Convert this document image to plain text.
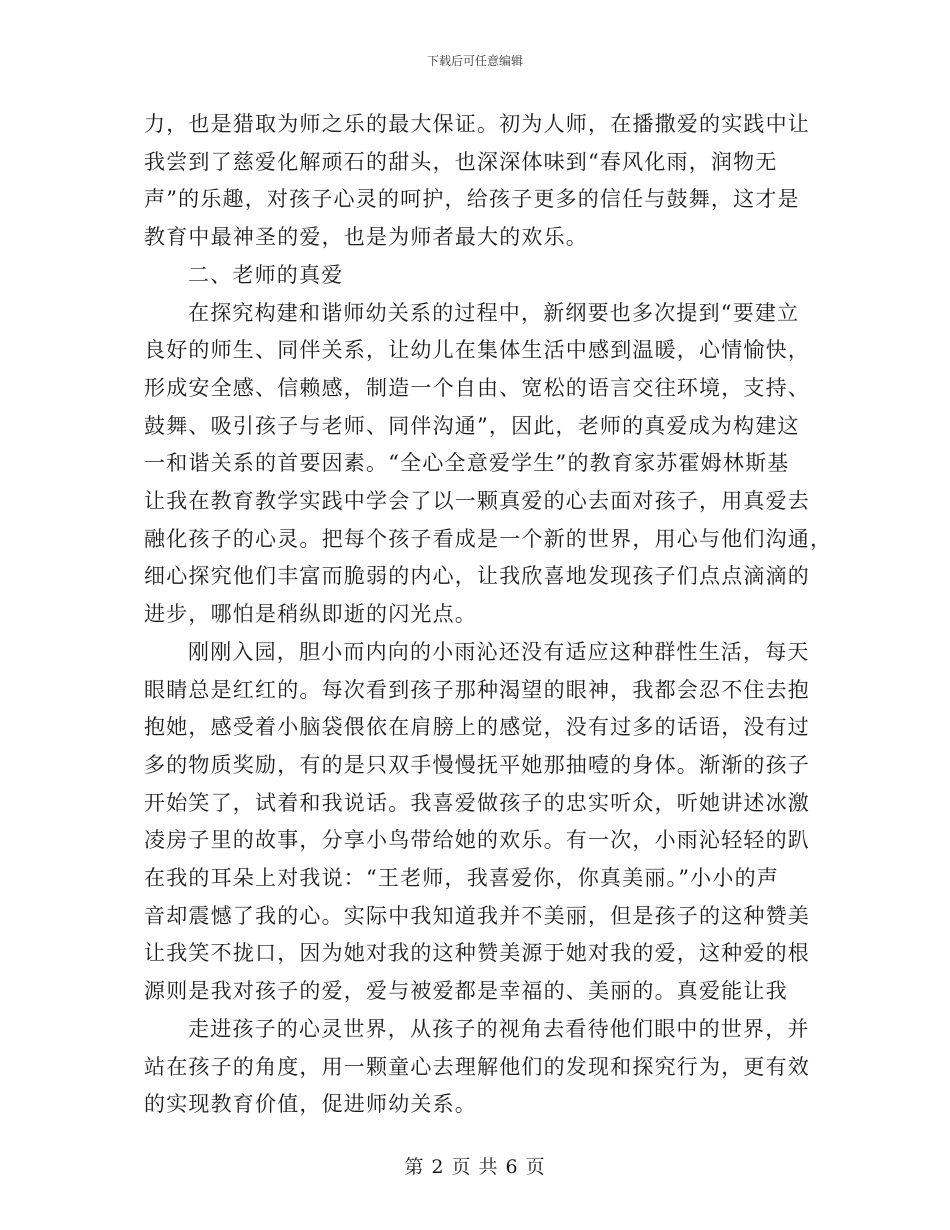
下载后可任意编辑

力，也是猎取为师之乐的最大保证。初为人师，在播撒爱的实践中让
我尝到了慈爱化解顽石的甜头，也深深体味到“春风化雨，润物无
声”的乐趣，对孩子心灵的呵护，给孩子更多的信任与鼓舞，这才是
教育中最神圣的爱，也是为师者最大的欢乐。

二、老师的真爱

在探究构建和谐师幼关系的过程中，新纲要也多次提到“要建立
良好的师生、同伴关系，让幼儿在集体生活中感到温暖，心情愉快，
形成安全感、信赖感，制造一个自由、宽松的语言交往环境，支持、
鼓舞、吸引孩子与老师、同伴沟通”，因此，老师的真爱成为构建这
一和谐关系的首要因素。“全心全意爱学生”的教育家苏霍姆林斯基
让我在教育教学实践中学会了以一颗真爱的心去面对孩子，用真爱去
融化孩子的心灵。把每个孩子看成是一个新的世界，用心与他们沟通，
细心探究他们丰富而脆弱的内心，让我欣喜地发现孩子们点点滴滴的
进步，哪怕是稍纵即逝的闪光点。

刚刚入园，胆小而内向的小雨沁还没有适应这种群性生活，每天
眼睛总是红红的。每次看到孩子那种渴望的眼神，我都会忍不住去抱
抱她，感受着小脑袋偎依在肩膀上的感觉，没有过多的话语，没有过
多的物质奖励，有的是只双手慢慢抚平她那抽噎的身体。渐渐的孩子
开始笑了，试着和我说话。我喜爱做孩子的忠实听众，听她讲述冰激
凌房子里的故事，分享小鸟带给她的欢乐。有一次，小雨沁轻轻的趴
在我的耳朵上对我说：“王老师，我喜爱你，你真美丽。”小小的声
音却震憾了我的心。实际中我知道我并不美丽，但是孩子的这种赞美
让我笑不拢口，因为她对我的这种赞美源于她对我的爱，这种爱的根
源则是我对孩子的爱，爱与被爱都是幸福的、美丽的。真爱能让我

走进孩子的心灵世界，从孩子的视角去看待他们眼中的世界，并
站在孩子的角度，用一颗童心去理解他们的发现和探究行为，更有效
的实现教育价值，促进师幼关系。

第 2 页 共 6 页
